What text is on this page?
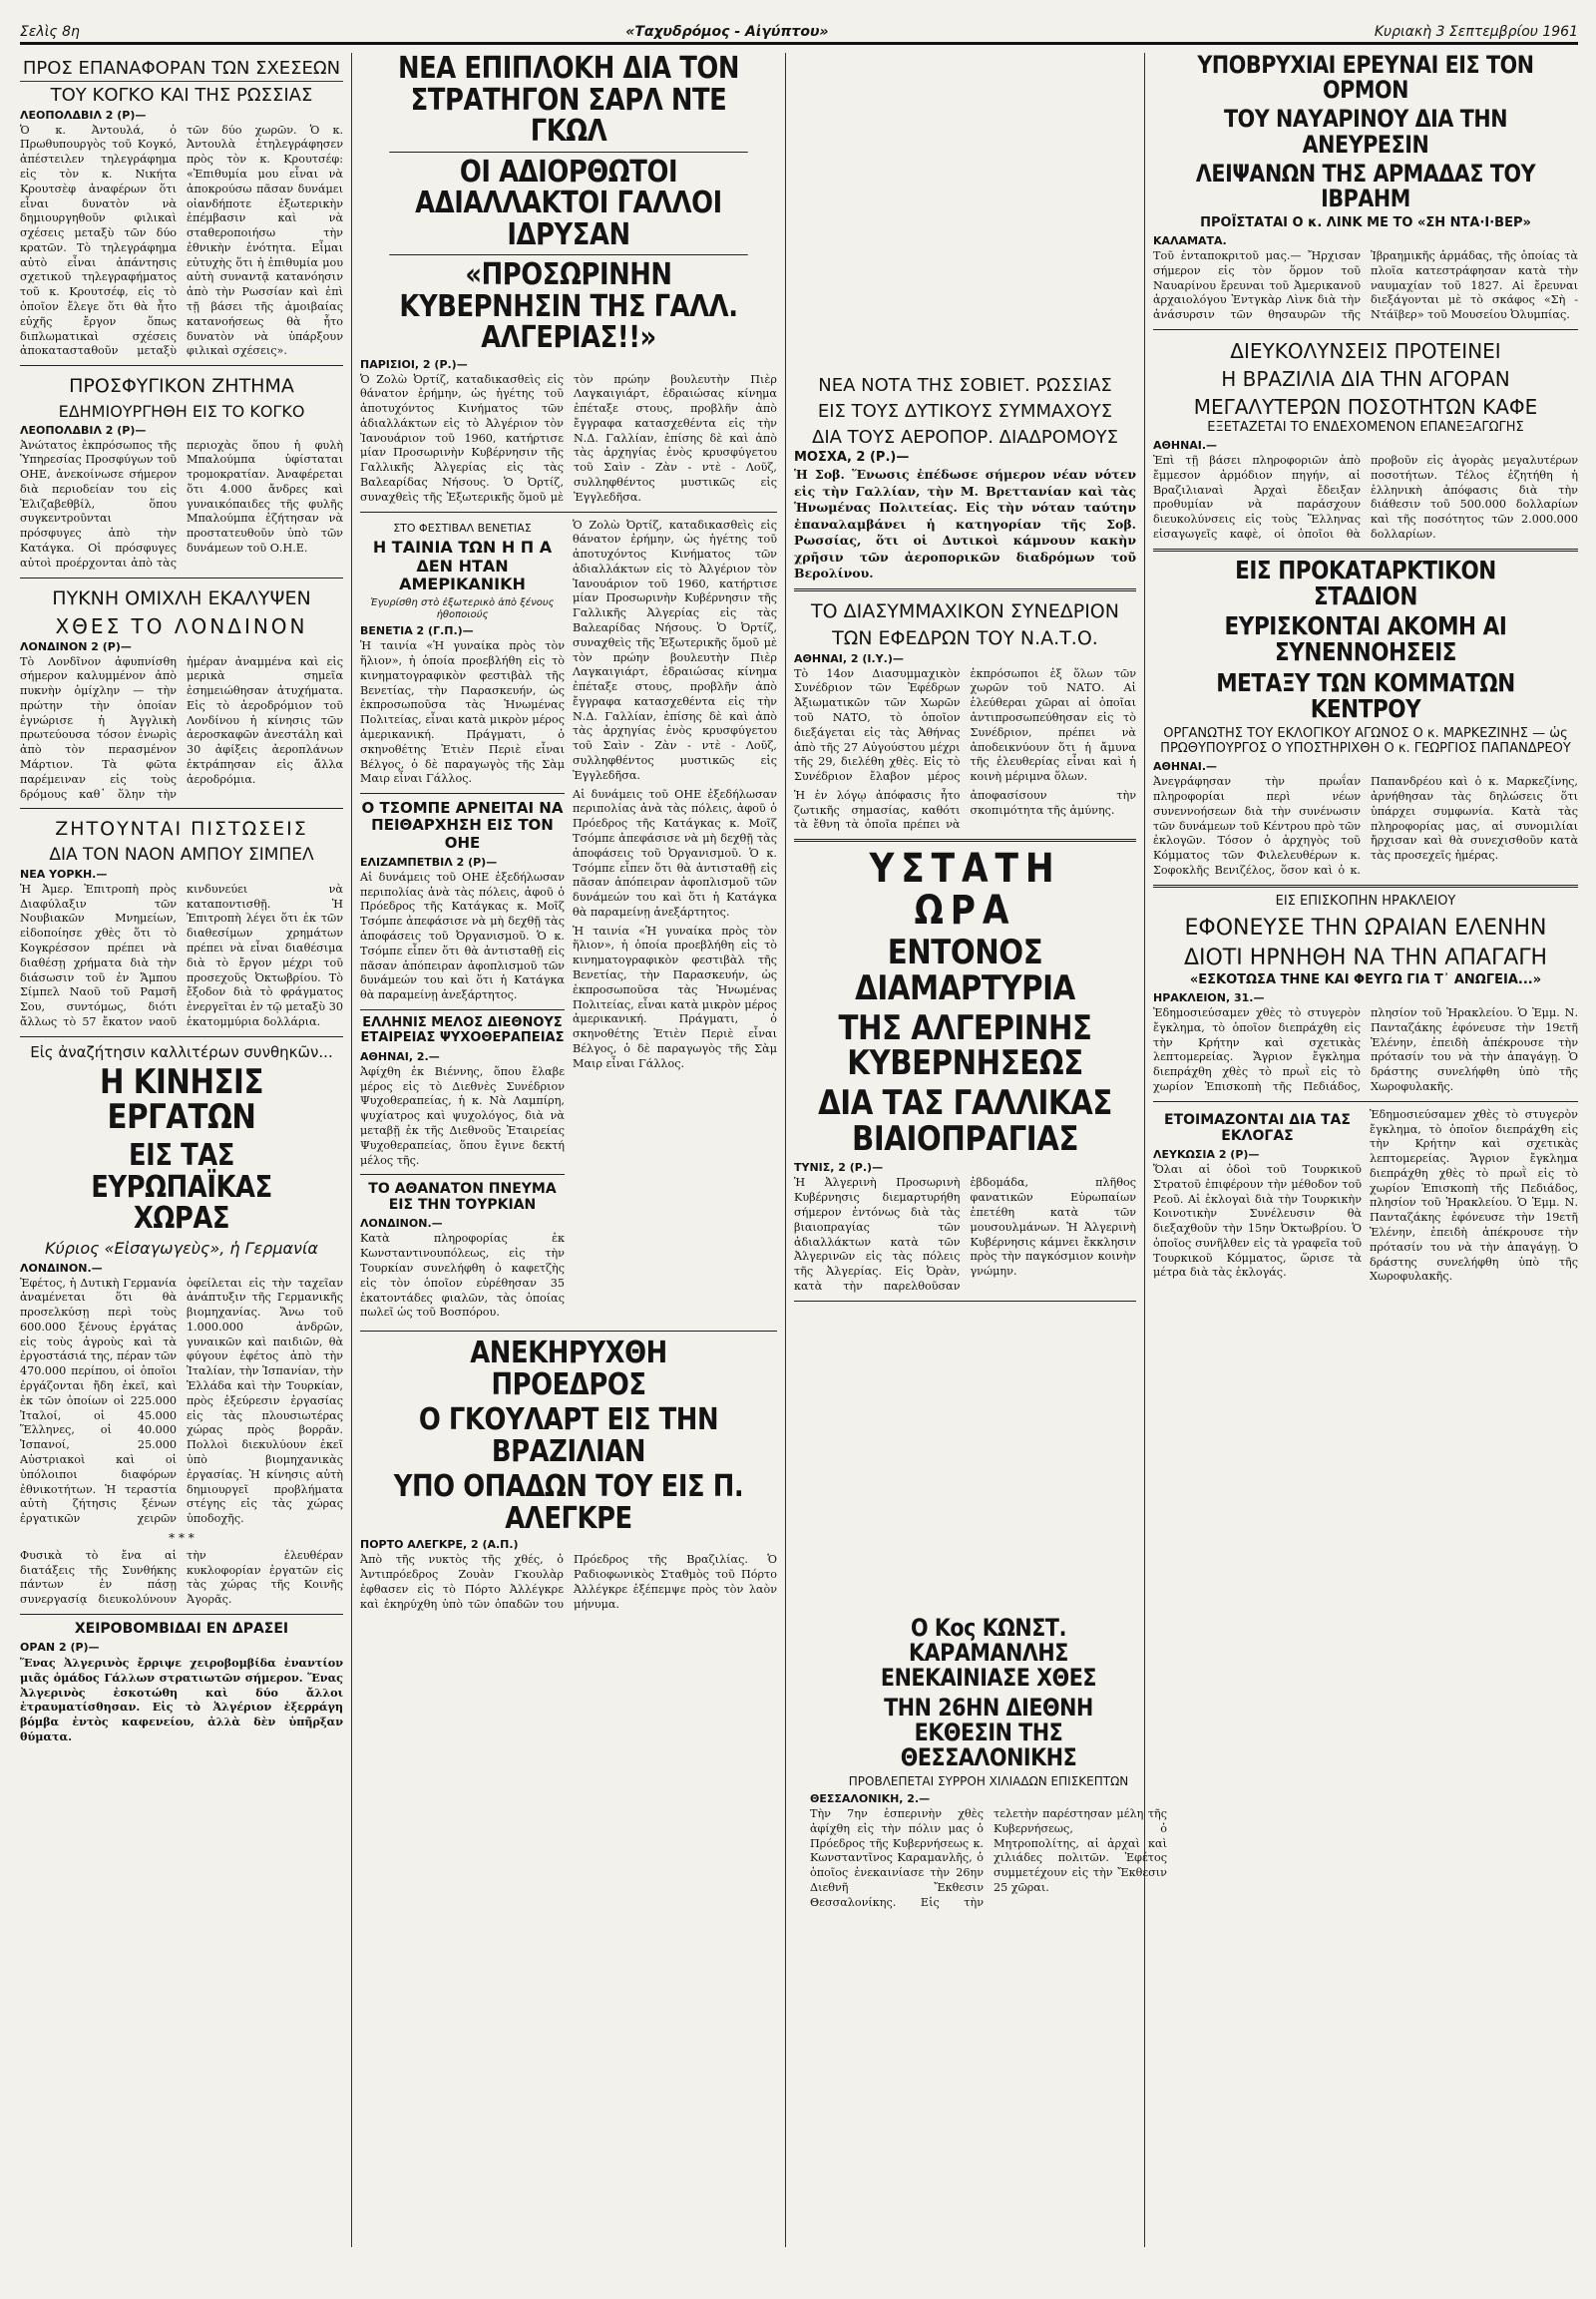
Σελὶς 8η	«Ταχυδρόμος - Αἰγύπτου»	Κυριακὴ 3 Σεπτεμβρίου 1961
ΠΡΟΣ ΕΠΑΝΑΦΟΡΑΝ ΤΩΝ ΣΧΕΣΕΩΝ
ΤΟΥ ΚΟΓΚΟ ΚΑΙ ΤΗΣ ΡΩΣΣΙΑΣ
ΛΕΟΠΟΛΔΒΙΛ 2 (Ρ)—

Ὁ κ. Ἀντουλά, ὁ Πρωθυπουργὸς τοῦ Κογκό, ἀπέστειλεν τηλεγράφημα εἰς τὸν κ. Νικήτα Κρουτσὲφ ἀναφέρων ὅτι εἶναι δυνατὸν νὰ δημιουργηθοῦν φιλικαὶ σχέσεις μεταξὺ τῶν δύο κρατῶν. Τὸ τηλεγράφημα αὐτὸ εἶναι ἀπάντησις σχετικοῦ τηλεγραφήματος τοῦ κ. Κρουτσέφ, εἰς τὸ ὁποῖον ἔλεγε ὅτι θὰ ἦτο εὐχῆς ἔργον ὅπως διπλωματικαὶ σχέσεις ἀποκατασταθοῦν μεταξὺ τῶν δύο χωρῶν. Ὁ κ. Ἀντουλὰ ἐτηλεγράφησεν πρὸς τὸν κ. Κρουτσέφ: «Ἐπιθυμία μου εἶναι νὰ ἀποκρούσω πᾶσαν δυνάμει οἱανδήποτε ἐξωτερικὴν ἐπέμβασιν καὶ νὰ σταθεροποιήσω τὴν ἐθνικὴν ἑνότητα. Εἶμαι εὐτυχὴς ὅτι ἡ ἐπιθυμία μου αὐτὴ συναντᾷ κατανόησιν ἀπὸ τὴν Ρωσσίαν καὶ ἐπὶ τῇ βάσει τῆς ἀμοιβαίας κατανοήσεως θὰ ἦτο δυνατὸν νὰ ὑπάρξουν φιλικαὶ σχέσεις».

ΠΡΟΣΦΥΓΙΚΟΝ ΖΗΤΗΜΑ
ΕΔΗΜΙΟΥΡΓΗΘΗ ΕΙΣ ΤΟ ΚΟΓΚΟ
ΛΕΟΠΟΛΔΒΙΛ 2 (Ρ)—

Ἀνώτατος ἐκπρόσωπος τῆς Ὑπηρεσίας Προσφύγων τοῦ ΟΗΕ, ἀνεκοίνωσε σήμερον διὰ περιοδείαν του εἰς Ἐλιζαβεθβίλ, ὅπου συγκεντροῦνται πρόσφυγες ἀπὸ τὴν Κατάγκα. Οἱ πρόσφυγες αὐτοὶ προέρχονται ἀπὸ τὰς περιοχὰς ὅπου ἡ φυλὴ Μπαλούμπα ὑφίσταται τρομοκρατίαν. Ἀναφέρεται ὅτι 4.000 ἄνδρες καὶ γυναικόπαιδες τῆς φυλῆς Μπαλούμπα ἐζήτησαν νὰ προστατευθοῦν ὑπὸ τῶν δυνάμεων τοῦ Ο.Η.Ε.

ΠΥΚΝΗ ΟΜΙΧΛΗ ΕΚΑΛΥΨΕΝ
ΧΘΕΣ ΤΟ ΛΟΝΔΙΝΟΝ
ΛΟΝΔΙΝΟΝ 2 (Ρ)—

Τὸ Λονδῖνον ἀφυπνίσθη σήμερον καλυμμένον ἀπὸ πυκνὴν ὁμίχλην — τὴν πρώτην τὴν ὁποίαν ἐγνώρισε ἡ Ἀγγλικὴ πρωτεύουσα τόσον ἐνωρὶς ἀπὸ τὸν περασμένον Μάρτιον. Τὰ φῶτα παρέμειναν εἰς τοὺς δρόμους καθ᾽ ὅλην τὴν ἡμέραν ἀναμμένα καὶ εἰς μερικὰ σημεῖα ἐσημειώθησαν ἀτυχήματα. Εἰς τὸ ἀεροδρόμιον τοῦ Λονδίνου ἡ κίνησις τῶν ἀεροσκαφῶν ἀνεστάλη καὶ 30 ἀφίξεις ἀεροπλάνων ἐκτράπησαν εἰς ἄλλα ἀεροδρόμια.

ΖΗΤΟΥΝΤΑΙ ΠΙΣΤΩΣΕΙΣ
ΔΙΑ ΤΟΝ ΝΑΟΝ ΑΜΠΟΥ ΣΙΜΠΕΛ
ΝΕΑ ΥΟΡΚΗ.—

Ἡ Ἀμερ. Ἐπιτροπὴ πρὸς Διαφύλαξιν τῶν Νουβιακῶν Μνημείων, εἰδοποίησε χθὲς ὅτι τὸ Κογκρέσσον πρέπει νὰ διαθέσῃ χρήματα διὰ τὴν διάσωσιν τοῦ ἐν Ἄμπου Σίμπελ Ναοῦ τοῦ Ραμσῆ Σου, συντόμως, διότι ἄλλως τὸ 57 ἔκατον ναοῦ κινδυνεύει νὰ καταποντισθῇ. Ἡ Ἐπιτροπὴ λέγει ὅτι ἐκ τῶν διαθεσίμων χρημάτων πρέπει νὰ εἶναι διαθέσιμα διὰ τὸ ἔργον μέχρι τοῦ προσεχοῦς Ὀκτωβρίου. Τὸ ἔξοδον διὰ τὸ φράγματος ἐνεργεῖται ἐν τῷ μεταξὺ 30 ἑκατομμύρια δολλάρια.

Εἰς ἀναζήτησιν καλλιτέρων συνθηκῶν...
Η ΚΙΝΗΣΙΣ ΕΡΓΑΤΩΝ
ΕΙΣ ΤΑΣ ΕΥΡΩΠΑΪΚΑΣ ΧΩΡΑΣ
Κύριος «Εἰσαγωγεὺς», ἡ Γερμανία
ΛΟΝΔΙΝΟΝ.—

Ἐφέτος, ἡ Δυτικὴ Γερμανία ἀναμένεται ὅτι θὰ προσελκύσῃ περὶ τοὺς 600.000 ξένους ἐργάτας εἰς τοὺς ἀγροὺς καὶ τὰ ἐργοστάσιά της, πέραν τῶν 470.000 περίπου, οἱ ὁποῖοι ἐργάζονται ἤδη ἐκεῖ, καὶ ἐκ τῶν ὁποίων οἱ 225.000 Ἰταλοί, οἱ 45.000 Ἕλληνες, οἱ 40.000 Ἱσπανοί, 25.000 Αὐστριακοὶ καὶ οἱ ὑπόλοιποι διαφόρων ἐθνικοτήτων. Ἡ τεραστία αὐτὴ ζήτησις ξένων ἐργατικῶν χειρῶν ὀφείλεται εἰς τὴν ταχεῖαν ἀνάπτυξιν τῆς Γερμανικῆς βιομηχανίας. Ἄνω τοῦ 1.000.000 ἀνδρῶν, γυναικῶν καὶ παιδιῶν, θὰ φύγουν ἐφέτος ἀπὸ τὴν Ἰταλίαν, τὴν Ἱσπανίαν, τὴν Ἑλλάδα καὶ τὴν Τουρκίαν, πρὸς ἐξεύρεσιν ἐργασίας εἰς τὰς πλουσιωτέρας χώρας πρὸς βορρᾶν. Πολλοὶ διεκυλύουν ἐκεῖ ὑπὸ βιομηχανικὰς ἐργασίας. Ἡ κίνησις αὐτὴ δημιουργεῖ προβλήματα στέγης εἰς τὰς χώρας ὑποδοχῆς.

* * *

Φυσικὰ τὸ ἔνα αἱ διατάξεις τῆς Συνθήκης πάντων ἐν πάσῃ συνεργασίᾳ διευκολύνουν τὴν ἐλευθέραν κυκλοφορίαν ἐργατῶν εἰς τὰς χώρας τῆς Κοινῆς Ἀγορᾶς.

ΧΕΙΡΟΒΟΜΒΙΔΑΙ ΕΝ ΔΡΑΣΕΙ
ΟΡΑΝ 2 (Ρ)—

Ἕνας Ἀλγερινὸς ἔρριψε χειροβομβίδα ἐναντίον μιᾶς ὁμάδος Γάλλων στρατιωτῶν σήμερον. Ἕνας Ἀλγερινὸς ἐσκοτώθη καὶ δύο ἄλλοι ἐτραυματίσθησαν. Εἰς τὸ Ἀλγέριον ἐξερράγη βόμβα ἐντὸς καφενείου, ἀλλὰ δὲν ὑπῆρξαν θύματα.

ΝΕΑ ΕΠΙΠΛΟΚΗ ΔΙΑ ΤΟΝ ΣΤΡΑΤΗΓΟΝ ΣΑΡΛ ΝΤΕ ΓΚΩΛ
ΟΙ ΑΔΙΟΡΘΩΤΟΙ ΑΔΙΑΛΛΑΚΤΟΙ ΓΑΛΛΟΙ ΙΔΡΥΣΑΝ
«ΠΡΟΣΩΡΙΝΗΝ ΚΥΒΕΡΝΗΣΙΝ ΤΗΣ ΓΑΛΛ. ΑΛΓΕΡΙΑΣ!!»
ΠΑΡΙΣΙΟΙ, 2 (Ρ.)—

Ὁ Ζολὼ Ὀρτίζ, καταδικασθεὶς εἰς θάνατον ἐρήμην, ὡς ἡγέτης τοῦ ἀποτυχόντος Κινήματος τῶν ἀδιαλλάκτων εἰς τὸ Ἀλγέριον τὸν Ἰανουάριον τοῦ 1960, κατήρτισε μίαν Προσωρινὴν Κυβέρνησιν τῆς Γαλλικῆς Ἀλγερίας εἰς τὰς Βαλεαρίδας Νήσους. Ὁ Ὀρτίζ, συναχθεὶς τῆς Ἐξωτερικῆς ὅμοῦ μὲ τὸν πρώην βουλευτὴν Πιὲρ Λαγκαιγιάρτ, ἐδραιώσας κίνημα ἐπέταξε στους, προβλῆν ἀπὸ ἔγγραφα κατασχεθέντα εἰς τὴν Ν.Δ. Γαλλίαν, ἐπίσης δὲ καὶ ἀπὸ τὰς ἀρχηγίας ἐνὸς κρυσφύγετου τοῦ Σαὶν - Ζὰν - ντὲ - Λοῦζ, συλληφθέντος μυστικῶς εἰς Ἐγγλεδῆσα.

ΣΤΟ ΦΕΣΤΙΒΑΛ ΒΕΝΕΤΙΑΣ
Η ΤΑΙΝΙΑ ΤΩΝ Η Π Α ΔΕΝ ΗΤΑΝ ΑΜΕΡΙΚΑΝΙΚΗ
Ἐγυρίσθη στὸ ἐξωτερικὸ ἀπὸ ξένους ἠθοποιούς
ΒΕΝΕΤΙΑ 2 (Γ.Π.)—

Ἡ ταινία «Ἡ γυναίκα πρὸς τὸν ἥλιον», ἡ ὁποία προεβλήθη εἰς τὸ κινηματογραφικὸν φεστιβὰλ τῆς Βενετίας, τὴν Παρασκευήν, ὡς ἐκπροσωποῦσα τὰς Ἡνωμένας Πολιτείας, εἶναι κατὰ μικρὸν μέρος ἀμερικανική. Πράγματι, ὁ σκηνοθέτης Ἐτιὲν Περιὲ εἶναι Βέλγος, ὁ δὲ παραγωγὸς τῆς Σὰμ Μαιρ εἶναι Γάλλος.

Ο ΤΣΟΜΠΕ ΑΡΝΕΙΤΑΙ ΝΑ ΠΕΙΘΑΡΧΗΣΗ ΕΙΣ ΤΟΝ ΟΗΕ
ΕΛΙΖΑΜΠΕΤΒΙΛ 2 (Ρ)—

Αἱ δυνάμεις τοῦ ΟΗΕ ἐξεδήλωσαν περιπολίας ἀνὰ τὰς πόλεις, ἀφοῦ ὁ Πρόεδρος τῆς Κατάγκας κ. Μοῖζ Τσόμπε ἀπεφάσισε νὰ μὴ δεχθῇ τὰς ἀποφάσεις τοῦ Ὀργανισμοῦ. Ὁ κ. Τσόμπε εἶπεν ὅτι θὰ ἀντισταθῇ εἰς πᾶσαν ἀπόπειραν ἀφοπλισμοῦ τῶν δυνάμεών του καὶ ὅτι ἡ Κατάγκα θὰ παραμείνῃ ἀνεξάρτητος.

ΕΛΛΗΝΙΣ ΜΕΛΟΣ ΔΙΕΘΝΟΥΣ ΕΤΑΙΡΕΙΑΣ ΨΥΧΟΘΕΡΑΠΕΙΑΣ
ΑΘΗΝΑΙ, 2.—

Ἀφίχθη ἐκ Βιέννης, ὅπου ἔλαβε μέρος εἰς τὸ Διεθνὲς Συνέδριον Ψυχοθεραπείας, ἡ κ. Νὰ Λαμπίρη, ψυχίατρος καὶ ψυχολόγος, διὰ νὰ μεταβῇ ἐκ τῆς Διεθνοῦς Ἑταιρείας Ψυχοθεραπείας, ὅπου ἔγινε δεκτή μέλος τῆς.

ΤΟ ΑΘΑΝΑΤΟΝ ΠΝΕΥΜΑ ΕΙΣ ΤΗΝ ΤΟΥΡΚΙΑΝ
ΛΟΝΔΙΝΟΝ.—

Κατὰ πληροφορίας ἐκ Κωνσταντινουπόλεως, εἰς τὴν Τουρκίαν συνελήφθη ὁ καφετζὴς εἰς τὸν ὁποῖον εὑρέθησαν 35 ἑκατοντάδες φιαλῶν, τὰς ὁποίας πωλεῖ ὡς τοῦ Βοσπόρου.

Ὁ Ζολὼ Ὀρτίζ, καταδικασθεὶς εἰς θάνατον ἐρήμην, ὡς ἡγέτης τοῦ ἀποτυχόντος Κινήματος τῶν ἀδιαλλάκτων εἰς τὸ Ἀλγέριον τὸν Ἰανουάριον τοῦ 1960, κατήρτισε μίαν Προσωρινὴν Κυβέρνησιν τῆς Γαλλικῆς Ἀλγερίας εἰς τὰς Βαλεαρίδας Νήσους. Ὁ Ὀρτίζ, συναχθεὶς τῆς Ἐξωτερικῆς ὅμοῦ μὲ τὸν πρώην βουλευτὴν Πιὲρ Λαγκαιγιάρτ, ἐδραιώσας κίνημα ἐπέταξε στους, προβλῆν ἀπὸ ἔγγραφα κατασχεθέντα εἰς τὴν Ν.Δ. Γαλλίαν, ἐπίσης δὲ καὶ ἀπὸ τὰς ἀρχηγίας ἐνὸς κρυσφύγετου τοῦ Σαὶν - Ζὰν - ντὲ - Λοῦζ, συλληφθέντος μυστικῶς εἰς Ἐγγλεδῆσα.

Αἱ δυνάμεις τοῦ ΟΗΕ ἐξεδήλωσαν περιπολίας ἀνὰ τὰς πόλεις, ἀφοῦ ὁ Πρόεδρος τῆς Κατάγκας κ. Μοῖζ Τσόμπε ἀπεφάσισε νὰ μὴ δεχθῇ τὰς ἀποφάσεις τοῦ Ὀργανισμοῦ. Ὁ κ. Τσόμπε εἶπεν ὅτι θὰ ἀντισταθῇ εἰς πᾶσαν ἀπόπειραν ἀφοπλισμοῦ τῶν δυνάμεών του καὶ ὅτι ἡ Κατάγκα θὰ παραμείνῃ ἀνεξάρτητος.

Ἡ ταινία «Ἡ γυναίκα πρὸς τὸν ἥλιον», ἡ ὁποία προεβλήθη εἰς τὸ κινηματογραφικὸν φεστιβὰλ τῆς Βενετίας, τὴν Παρασκευήν, ὡς ἐκπροσωποῦσα τὰς Ἡνωμένας Πολιτείας, εἶναι κατὰ μικρὸν μέρος ἀμερικανική. Πράγματι, ὁ σκηνοθέτης Ἐτιὲν Περιὲ εἶναι Βέλγος, ὁ δὲ παραγωγὸς τῆς Σὰμ Μαιρ εἶναι Γάλλος.

ΑΝΕΚΗΡΥΧΘΗ ΠΡΟΕΔΡΟΣ
Ο ΓΚΟΥΛΑΡΤ ΕΙΣ ΤΗΝ ΒΡΑΖΙΛΙΑΝ
ΥΠΟ ΟΠΑΔΩΝ ΤΟΥ ΕΙΣ Π. ΑΛΕΓΚΡΕ
ΠΟΡΤΟ ΑΛΕΓΚΡΕ, 2 (Α.Π.)

Ἀπὸ τῆς νυκτὸς τῆς χθές, ὁ Ἀντιπρόεδρος Ζουὰν Γκουλὰρ ἐφθασεν εἰς τὸ Πόρτο Ἀλλέγκρε καὶ ἐκηρύχθη ὑπὸ τῶν ὀπαδῶν του Πρόεδρος τῆς Βραζιλίας. Ὁ Ραδιοφωνικὸς Σταθμὸς τοῦ Πόρτο Ἀλλέγκρε ἐξέπεμψε πρὸς τὸν λαὸν μήνυμα.

ΝΕΑ ΝΟΤΑ ΤΗΣ ΣΟΒΙΕΤ. ΡΩΣΣΙΑΣ
ΕΙΣ ΤΟΥΣ ΔΥΤΙΚΟΥΣ ΣΥΜΜΑΧΟΥΣ
ΔΙΑ ΤΟΥΣ ΑΕΡΟΠΟΡ. ΔΙΑΔΡΟΜΟΥΣ
ΜΟΣΧΑ, 2 (Ρ.)—

Ἡ Σοβ. Ἕνωσις ἐπέδωσε σήμερον νέαν νότεν εἰς τὴν Γαλλίαν, τὴν Μ. Βρεττανίαν καὶ τὰς Ἡνωμένας Πολιτείας. Εἰς τὴν νόταν ταύτην ἐπαναλαμβάνει ἡ κατηγορίαν τῆς Σοβ. Ρωσσίας, ὅτι οἱ Δυτικοὶ κάμνουν κακὴν χρῆσιν τῶν ἀεροπορικῶν διαδρόμων τοῦ Βερολίνου.

ΤΟ ΔΙΑΣΥΜΜΑΧΙΚΟΝ ΣΥΝΕΔΡΙΟΝ
ΤΩΝ ΕΦΕΔΡΩΝ ΤΟΥ Ν.Α.Τ.Ο.
ΑΘΗΝΑΙ, 2 (Ι.Υ.)—

Τὸ 14ον Διασυμμαχικὸν Συνέδριον τῶν Ἐφέδρων Ἀξιωματικῶν τῶν Χωρῶν τοῦ ΝΑΤΟ, τὸ ὁποῖον διεξάγεται εἰς τὰς Ἀθήνας ἀπὸ τῆς 27 Αὐγούστου μέχρι τῆς 29, διελέθη χθὲς. Εἰς τὸ Συνέδριον ἔλαβον μέρος ἐκπρόσωποι ἐξ ὅλων τῶν χωρῶν τοῦ ΝΑΤΟ. Αἱ ἐλεύθεραι χῶραι αἱ ὁποῖαι ἀντιπροσωπεύθησαν εἰς τὸ Συνέδριον, πρέπει νὰ ἀποδεικνύουν ὅτι ἡ ἄμυνα τῆς ἐλευθερίας εἶναι καὶ ἡ κοινὴ μέριμνα ὅλων.

Ἡ ἐν λόγῳ ἀπόφασις ἦτο ζωτικῆς σημασίας, καθότι τὰ ἔθνη τὰ ὁποῖα πρέπει νὰ ἀποφασίσουν τὴν σκοπιμότητα τῆς ἀμύνης.

ΥΣΤΑΤΗ ΩΡΑ
ΕΝΤΟΝΟΣ ΔΙΑΜΑΡΤΥΡΙΑ
ΤΗΣ ΑΛΓΕΡΙΝΗΣ ΚΥΒΕΡΝΗΣΕΩΣ
ΔΙΑ ΤΑΣ ΓΑΛΛΙΚΑΣ ΒΙΑΙΟΠΡΑΓΙΑΣ
ΤΥΝΙΣ, 2 (Ρ.)—

Ἡ Ἀλγερινὴ Προσωρινὴ Κυβέρνησις διεμαρτυρήθη σήμερον ἐντόνως διὰ τὰς βιαιοπραγίας τῶν ἀδιαλλάκτων κατὰ τῶν Ἀλγερινῶν εἰς τὰς πόλεις τῆς Ἀλγερίας. Εἰς Ὀρὰν, κατὰ τὴν παρελθοῦσαν ἑβδομάδα, πλῆθος φανατικῶν Εὐρωπαίων ἐπετέθη κατὰ τῶν μουσουλμάνων. Ἡ Ἀλγερινὴ Κυβέρνησις κάμνει ἔκκλησιν πρὸς τὴν παγκόσμιον κοινὴν γνώμην.

ΥΠΟΒΡΥΧΙΑΙ ΕΡΕΥΝΑΙ ΕΙΣ ΤΟΝ ΟΡΜΟΝ
ΤΟΥ ΝΑΥΑΡΙΝΟΥ ΔΙΑ ΤΗΝ ΑΝΕΥΡΕΣΙΝ
ΛΕΙΨΑΝΩΝ ΤΗΣ ΑΡΜΑΔΑΣ ΤΟΥ ΙΒΡΑΗΜ
ΠΡΟΪΣΤΑΤΑΙ Ο κ. ΛΙΝΚ ΜΕ ΤΟ «ΣΗ ΝΤΑ·Ι·ΒΕΡ»
ΚΑΛΑΜΑΤΑ.

Τοῦ ἐνταποκριτοῦ μας.— Ἤρχισαν σήμερον εἰς τὸν ὅρμον τοῦ Ναυαρίνου ἔρευναι τοῦ Ἀμερικανοῦ ἀρχαιολόγου Ἐντγκὰρ Λὶνκ διὰ τὴν ἀνάσυρσιν τῶν θησαυρῶν τῆς Ἰβραημικῆς ἀρμάδας, τῆς ὁποίας τὰ πλοῖα κατεστράφησαν κατὰ τὴν ναυμαχίαν τοῦ 1827. Αἱ ἔρευναι διεξάγονται μὲ τὸ σκάφος «Σὴ - Ντάϊβερ» τοῦ Μουσείου Ὀλυμπίας.

ΔΙΕΥΚΟΛΥΝΣΕΙΣ ΠΡΟΤΕΙΝΕΙ
Η ΒΡΑΖΙΛΙΑ ΔΙΑ ΤΗΝ ΑΓΟΡΑΝ
ΜΕΓΑΛΥΤΕΡΩΝ ΠΟΣΟΤΗΤΩΝ ΚΑΦΕ
ΕΞΕΤΑΖΕΤΑΙ ΤΟ ΕΝΔΕΧΟΜΕΝΟΝ ΕΠΑΝΕΞΑΓΩΓΗΣ
ΑΘΗΝΑΙ.—

Ἐπὶ τῇ βάσει πληροφοριῶν ἀπὸ ἔμμεσον ἀρμόδιον πηγήν, αἱ Βραζιλιαναὶ Ἀρχαὶ ἔδειξαν προθυμίαν νὰ παράσχουν διευκολύνσεις εἰς τοὺς Ἕλληνας εἰσαγωγεῖς καφὲ, οἱ ὁποῖοι θὰ προβοῦν εἰς ἀγορὰς μεγαλυτέρων ποσοτήτων. Τέλος ἐζητήθη ἡ ἑλληνικὴ ἀπόφασις διὰ τὴν διάθεσιν τοῦ 500.000 δολλαρίων καὶ τῆς ποσότητος τῶν 2.000.000 δολλαρίων.

ΕΙΣ ΠΡΟΚΑΤΑΡΚΤΙΚΟΝ ΣΤΑΔΙΟΝ
ΕΥΡΙΣΚΟΝΤΑΙ ΑΚΟΜΗ ΑΙ ΣΥΝΕΝΝΟΗΣΕΙΣ
ΜΕΤΑΞΥ ΤΩΝ ΚΟΜΜΑΤΩΝ ΚΕΝΤΡΟΥ
ΟΡΓΑΝΩΤΗΣ ΤΟΥ ΕΚΛΟΓΙΚΟΥ ΑΓΩΝΟΣ Ο κ. ΜΑΡΚΕΖΙΝΗΣ — ὡς ΠΡΩΘΥΠΟΥΡΓΟΣ Ο ΥΠΟΣΤΗΡΙΧΘΗ Ο κ. ΓΕΩΡΓΙΟΣ ΠΑΠΑΝΔΡΕΟΥ
ΑΘΗΝΑΙ.—

Ἀνεγράφησαν τὴν πρωΐαν πληροφορίαι περὶ νέων συνεννοήσεων διὰ τὴν συνένωσιν τῶν δυνάμεων τοῦ Κέντρου πρὸ τῶν ἐκλογῶν. Τόσον ὁ ἀρχηγὸς τοῦ Κόμματος τῶν Φιλελευθέρων κ. Σοφοκλῆς Βενιζέλος, ὅσον καὶ ὁ κ. Παπανδρέου καὶ ὁ κ. Μαρκεζίνης, ἀρνήθησαν τὰς δηλώσεις ὅτι ὑπάρχει συμφωνία. Κατὰ τὰς πληροφορίας μας, αἱ συνομιλίαι ἤρχισαν καὶ θὰ συνεχισθοῦν κατὰ τὰς προσεχεῖς ἡμέρας.

ΕΙΣ ΕΠΙΣΚΟΠΗΝ ΗΡΑΚΛΕΙΟΥ
ΕΦΟΝΕΥΣΕ ΤΗΝ ΩΡΑΙΑΝ ΕΛΕΝΗΝ
ΔΙΟΤΙ ΗΡΝΗΘΗ ΝΑ ΤΗΝ ΑΠΑΓΑΓΗ
«ΕΣΚΟΤΩΣΑ ΤΗΝΕ ΚΑΙ ΦΕΥΓΩ ΓΙΑ Τ᾽ ΑΝΩΓΕΙΑ...»
ΗΡΑΚΛΕΙΟΝ, 31.—

Ἐδημοσιεύσαμεν χθὲς τὸ στυγερὸν ἔγκλημα, τὸ ὁποῖον διεπράχθη εἰς τὴν Κρήτην καὶ σχετικὰς λεπτομερείας. Ἄγριον ἔγκλημα διεπράχθη χθὲς τὸ πρωῒ εἰς τὸ χωρίον Ἐπισκοπὴ τῆς Πεδιάδος, πλησίον τοῦ Ἡρακλείου. Ὁ Ἐμμ. Ν. Πανταζάκης ἐφόνευσε τὴν 19ετῆ Ἑλένην, ἐπειδὴ ἀπέκρουσε τὴν πρότασίν του νὰ τὴν ἀπαγάγῃ. Ὁ δράστης συνελήφθη ὑπὸ τῆς Χωροφυλακῆς.

ΕΤΟΙΜΑΖΟΝΤΑΙ ΔΙΑ ΤΑΣ ΕΚΛΟΓΑΣ
ΛΕΥΚΩΣΙΑ 2 (Ρ)—

Ὅλαι αἱ ὁδοὶ τοῦ Τουρκικοῦ Στρατοῦ ἐπιφέρουν τὴν μέθοδον τοῦ Ρεοῦ. Αἱ ἐκλογαὶ διὰ τὴν Τουρκικὴν Κοινοτικὴν Συνέλευσιν θὰ διεξαχθοῦν τὴν 15ην Ὀκτωβρίου. Ὁ ὁποῖος συνῆλθεν εἰς τὰ γραφεῖα τοῦ Τουρκικοῦ Κόμματος, ὥρισε τὰ μέτρα διὰ τὰς ἐκλογάς.

Ἐδημοσιεύσαμεν χθὲς τὸ στυγερὸν ἔγκλημα, τὸ ὁποῖον διεπράχθη εἰς τὴν Κρήτην καὶ σχετικὰς λεπτομερείας. Ἄγριον ἔγκλημα διεπράχθη χθὲς τὸ πρωῒ εἰς τὸ χωρίον Ἐπισκοπὴ τῆς Πεδιάδος, πλησίον τοῦ Ἡρακλείου. Ὁ Ἐμμ. Ν. Πανταζάκης ἐφόνευσε τὴν 19ετῆ Ἑλένην, ἐπειδὴ ἀπέκρουσε τὴν πρότασίν του νὰ τὴν ἀπαγάγῃ. Ὁ δράστης συνελήφθη ὑπὸ τῆς Χωροφυλακῆς.

Ο Κος ΚΩΝΣΤ. ΚΑΡΑΜΑΝΛΗΣ ΕΝΕΚΑΙΝΙΑΣΕ ΧΘΕΣ
ΤΗΝ 26ΗΝ ΔΙΕΘΝΗ ΕΚΘΕΣΙΝ ΤΗΣ ΘΕΣΣΑΛΟΝΙΚΗΣ
ΠΡΟΒΛΕΠΕΤΑΙ ΣΥΡΡΟΗ ΧΙΛΙΑΔΩΝ ΕΠΙΣΚΕΠΤΩΝ
ΘΕΣΣΑΛΟΝΙΚΗ, 2.—

Τὴν 7ην ἑσπερινὴν χθὲς ἀφίχθη εἰς τὴν πόλιν μας ὁ Πρόεδρος τῆς Κυβερνήσεως κ. Κωνσταντῖνος Καραμανλῆς, ὁ ὁποῖος ἐνεκαινίασε τὴν 26ην Διεθνῆ Ἔκθεσιν Θεσσαλονίκης. Εἰς τὴν τελετὴν παρέστησαν μέλη τῆς Κυβερνήσεως, ὁ Μητροπολίτης, αἱ ἀρχαὶ καὶ χιλιάδες πολιτῶν. Ἐφέτος συμμετέχουν εἰς τὴν Ἔκθεσιν 25 χῶραι.
